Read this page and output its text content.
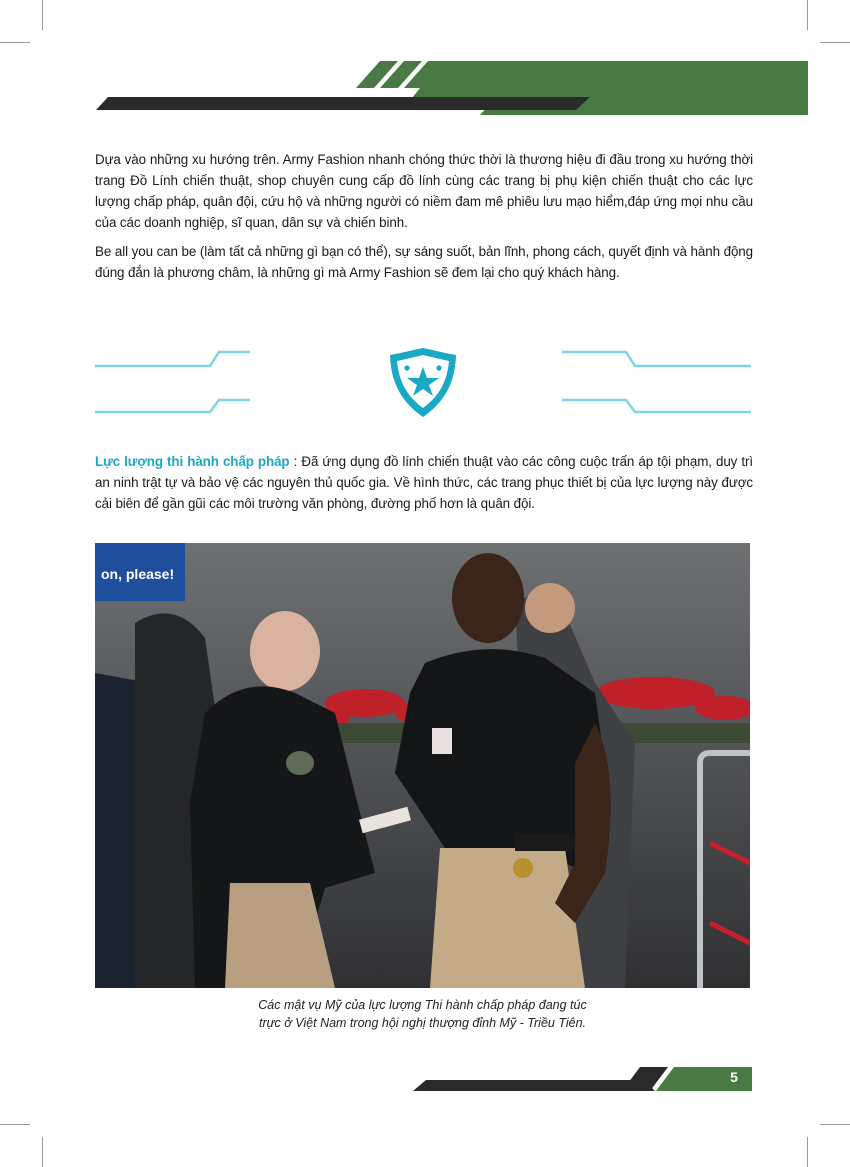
Dựa vào những xu hướng trên. Army Fashion nhanh chóng thức thời là thương hiệu đi đầu trong xu hướng thời trang Đồ Lính chiến thuật, shop chuyên cung cấp đồ lính cùng các trang bị phụ kiện chiến thuật cho các lực lượng chấp pháp, quân đội, cứu hộ và những người có niềm đam mê phiêu lưu mạo hiểm,đáp ứng mọi nhu cầu của các doanh nghiệp, sĩ quan, dân sự và chiến binh.

Be all you can be (làm tất cả những gì bạn có thể), sự sáng suốt, bản lĩnh, phong cách, quyết định và hành động đúng đắn là phương châm, là những gì mà Army Fashion sẽ đem lại cho quý khách hàng.

Lực lượng thi hành chấp pháp : Đã ứng dụng đồ lính chiến thuật vào các công cuộc trấn áp tội phạm, duy trì an ninh trật tự và bảo vệ các nguyên thủ quốc gia. Về hình thức, các trang phục thiết bị của lực lượng này được cải biên để gần gũi các môi trường văn phòng, đường phố hơn là quân đội.

on, please!
Các mật vụ Mỹ của lực lượng Thi hành chấp pháp đang túc
trực ở Việt Nam trong hội nghị thượng đỉnh Mỹ - Triều Tiên.
5
